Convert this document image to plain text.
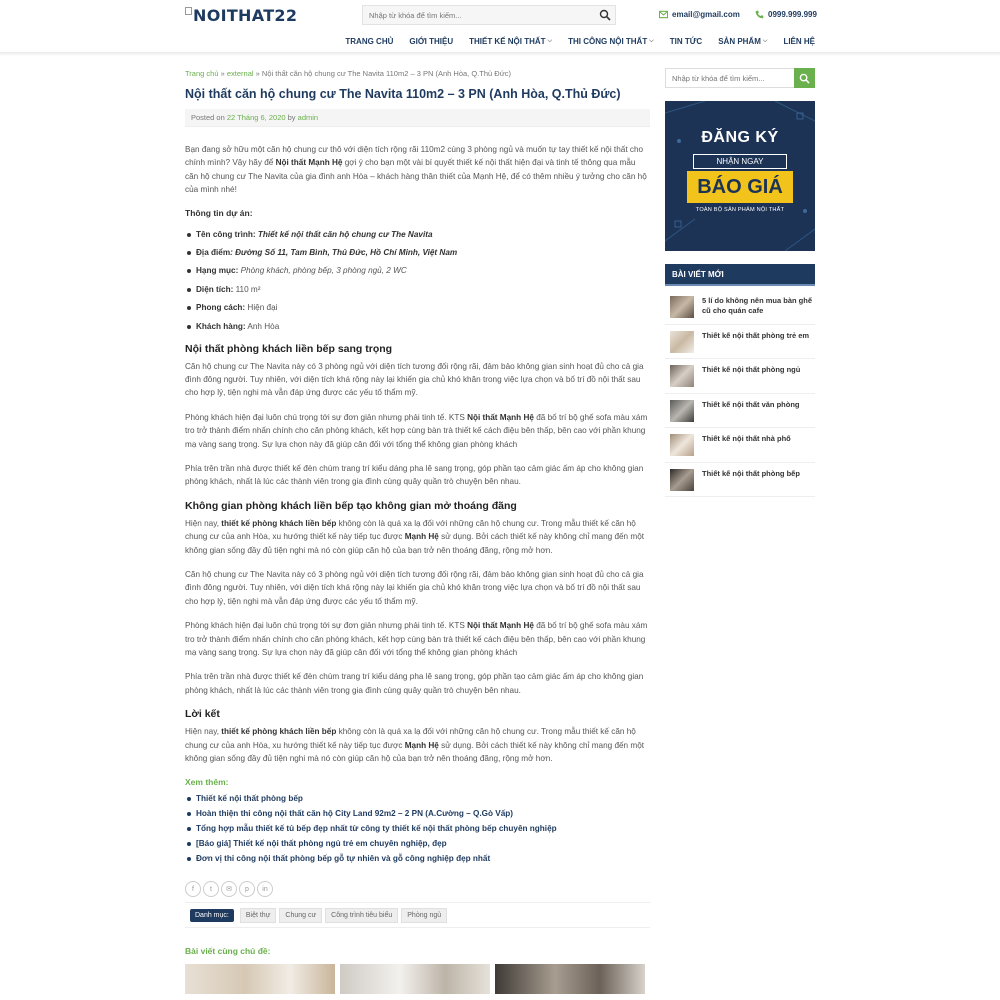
NOITHAT22
Nhập từ khóa để tìm kiếm...	email@gmail.com	0999.999.999
TRANG CHỦ GIỚI THIỆU THIẾT KẾ NỘI THẤT ⌵ THI CÔNG NỘI THẤT ⌵ TIN TỨC SẢN PHẨM ⌵ LIÊN HỆ
Trang chủ » external » Nội thất căn hộ chung cư The Navita 110m2 – 3 PN (Anh Hòa, Q.Thủ Đức)
Nội thất căn hộ chung cư The Navita 110m2 – 3 PN (Anh Hòa, Q.Thủ Đức)
Posted on 22 Tháng 6, 2020 by admin

Bạn đang sở hữu một căn hộ chung cư thô với diện tích rộng rãi 110m2 cùng 3 phòng ngủ và muốn tự tay thiết kế nội thất cho chính mình? Vậy hãy để Nội thất Mạnh Hệ gợi ý cho bạn một vài bí quyết thiết kế nội thất hiện đại và tinh tế thông qua mẫu căn hộ chung cư The Navita của gia đình anh Hòa – khách hàng thân thiết của Mạnh Hệ, để có thêm nhiều ý tưởng cho căn hộ của mình nhé!

Thông tin dự án:
Tên công trình: Thiết kế nội thất căn hộ chung cư The Navita
Địa điểm: Đường Số 11, Tam Bình, Thủ Đức, Hồ Chí Minh, Việt Nam
Hạng mục: Phòng khách, phòng bếp, 3 phòng ngủ, 2 WC
Diện tích: 110 m²
Phong cách: Hiện đại
Khách hàng: Anh Hòa
Nội thất phòng khách liền bếp sang trọng

Căn hộ chung cư The Navita này có 3 phòng ngủ với diện tích tương đối rộng rãi, đảm bảo không gian sinh hoạt đủ cho cả gia đình đông người. Tuy nhiên, với diện tích khá rộng này lại khiến gia chủ khó khăn trong việc lựa chọn và bố trí đồ nội thất sau cho hợp lý, tiện nghi mà vẫn đáp ứng được các yếu tố thẩm mỹ.

Phòng khách hiện đại luôn chú trọng tới sự đơn giản nhưng phải tinh tế. KTS Nội thất Mạnh Hệ đã bố trí bộ ghế sofa màu xám tro trở thành điểm nhấn chính cho căn phòng khách, kết hợp cùng bàn trà thiết kế cách điệu bên thấp, bên cao với phần khung mạ vàng sang trọng. Sự lựa chọn này đã giúp cân đối với tổng thể không gian phòng khách

Phía trên trần nhà được thiết kế đèn chùm trang trí kiểu dáng pha lê sang trọng, góp phần tạo cảm giác ấm áp cho không gian phòng khách, nhất là lúc các thành viên trong gia đình cùng quây quần trò chuyện bên nhau.

Không gian phòng khách liền bếp tạo không gian mở thoáng đãng

Hiện nay, thiết kế phòng khách liền bếp không còn là quá xa lạ đối với những căn hộ chung cư. Trong mẫu thiết kế căn hộ chung cư của anh Hòa, xu hướng thiết kế này tiếp tục được Mạnh Hệ sử dụng. Bởi cách thiết kế này không chỉ mang đến một không gian sống đầy đủ tiện nghi mà nó còn giúp căn hộ của bạn trở nên thoáng đãng, rộng mở hơn.

Căn hộ chung cư The Navita này có 3 phòng ngủ với diện tích tương đối rộng rãi, đảm bảo không gian sinh hoạt đủ cho cả gia đình đông người. Tuy nhiên, với diện tích khá rộng này lại khiến gia chủ khó khăn trong việc lựa chọn và bố trí đồ nội thất sau cho hợp lý, tiện nghi mà vẫn đáp ứng được các yếu tố thẩm mỹ.

Phòng khách hiện đại luôn chú trọng tới sự đơn giản nhưng phải tinh tế. KTS Nội thất Mạnh Hệ đã bố trí bộ ghế sofa màu xám tro trở thành điểm nhấn chính cho căn phòng khách, kết hợp cùng bàn trà thiết kế cách điệu bên thấp, bên cao với phần khung mạ vàng sang trọng. Sự lựa chọn này đã giúp cân đối với tổng thể không gian phòng khách

Phía trên trần nhà được thiết kế đèn chùm trang trí kiểu dáng pha lê sang trọng, góp phần tạo cảm giác ấm áp cho không gian phòng khách, nhất là lúc các thành viên trong gia đình cùng quây quần trò chuyện bên nhau.

Lời kết

Hiện nay, thiết kế phòng khách liền bếp không còn là quá xa lạ đối với những căn hộ chung cư. Trong mẫu thiết kế căn hộ chung cư của anh Hòa, xu hướng thiết kế này tiếp tục được Mạnh Hệ sử dụng. Bởi cách thiết kế này không chỉ mang đến một không gian sống đầy đủ tiện nghi mà nó còn giúp căn hộ của bạn trở nên thoáng đãng, rộng mở hơn.

Xem thêm:
Thiết kế nội thất phòng bếp
Hoàn thiện thi công nội thất căn hộ City Land 92m2 – 2 PN (A.Cường – Q.Gò Vấp)
Tổng hợp mẫu thiết kế tủ bếp đẹp nhất từ công ty thiết kế nội thất phòng bếp chuyên nghiệp
[Báo giá] Thiết kế nội thất phòng ngủ trẻ em chuyên nghiệp, đẹp
Đơn vị thi công nội thất phòng bếp gỗ tự nhiên và gỗ công nghiệp đẹp nhất
f	t	✉	p	in
Danh mục:	Biệt thự	Chung cư	Công trình tiêu biểu	Phòng ngủ
Bài viết cùng chủ đề:
Nhập từ khóa để tìm kiếm...
ĐĂNG KÝ
NHẬN NGAY
BÁO GIÁ
TOÀN BỘ SẢN PHẨM NỘI THẤT
BÀI VIẾT MỚI
5 lí do không nên mua bàn ghế cũ cho quán cafe
Thiết kế nội thất phòng trẻ em
Thiết kế nội thất phòng ngủ
Thiết kế nội thất văn phòng
Thiết kế nội thất nhà phố
Thiết kế nội thất phòng bếp
